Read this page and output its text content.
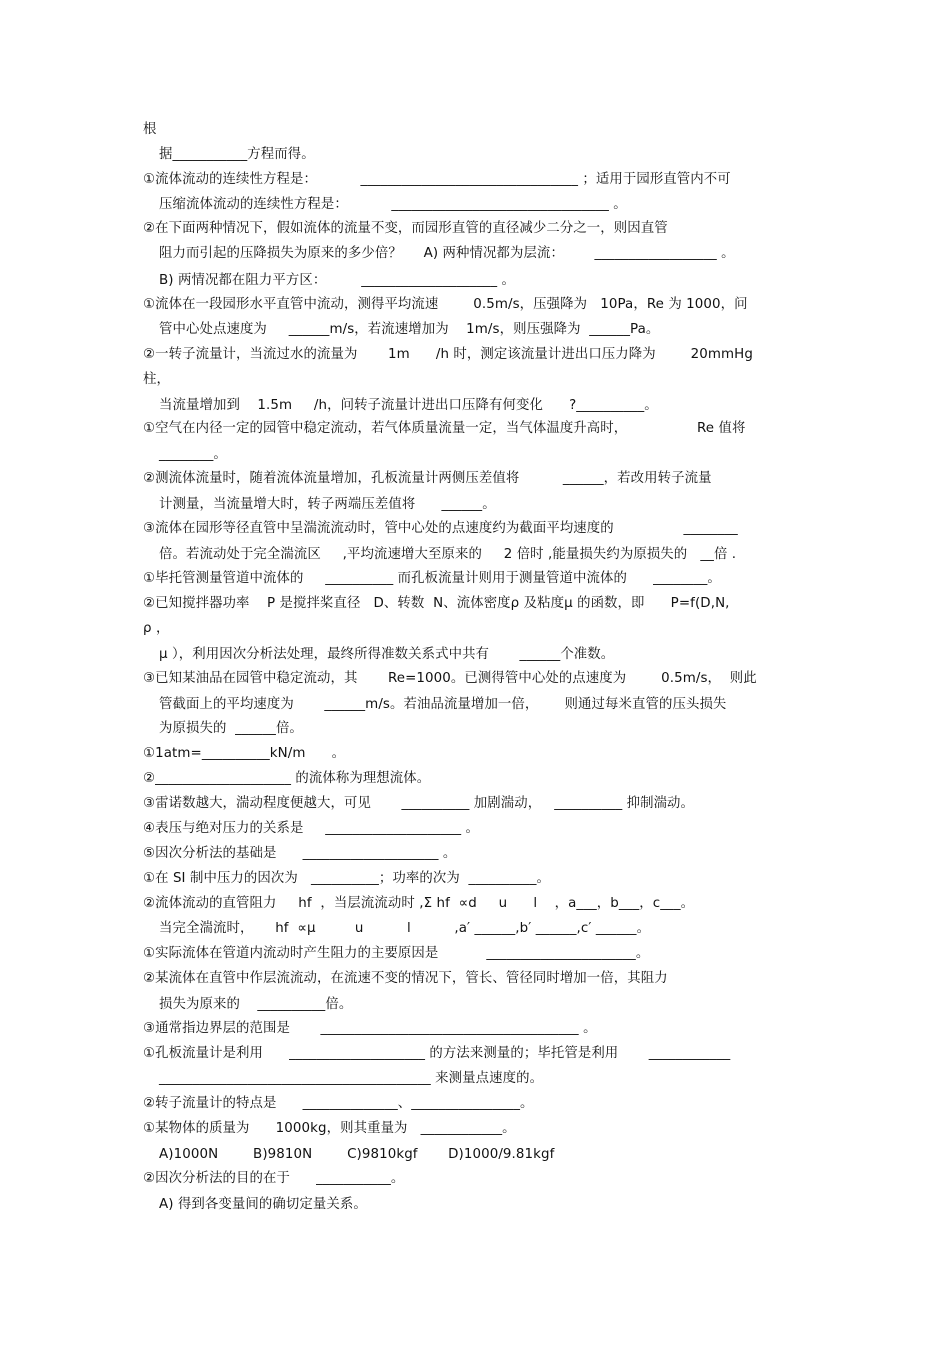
根
据___________方程而得。
①流体流动的连续性方程是：          ________________________________ ；适用于园形直管内不可
压缩流体流动的连续性方程是：          ________________________________ 。
②在下面两种情况下，假如流体的流量不变，而园形直管的直径减少二分之一，则因直管
阻力而引起的压降损失为原来的多少倍？     A) 两种情况都为层流：       __________________ 。
B) 两情况都在阻力平方区：        ____________________ 。
①流体在一段园形水平直管中流动，测得平均流速        0.5m/s，压强降为   10Pa，Re 为 1000，问
管中心处点速度为     ______m/s，若流速增加为    1m/s，则压强降为  ______Pa。
②一转子流量计，当流过水的流量为       1m      /h 时，测定该流量计进出口压力降为        20mmHg
柱，
当流量增加到    1.5m     /h，问转子流量计进出口压降有何变化      ?__________。
①空气在内径一定的园管中稳定流动，若气体质量流量一定，当气体温度升高时，                Re 值将
________。
②测流体流量时，随着流体流量增加，孔板流量计两侧压差值将          ______，若改用转子流量
计测量，当流量增大时，转子两端压差值将      ______。
③流体在园形等径直管中呈湍流流动时，管中心处的点速度约为截面平均速度的                ________
倍。若流动处于完全湍流区     ,平均流速增大至原来的     2 倍时 ,能量损失约为原损失的   __倍 .
①毕托管测量管道中流体的     __________ 而孔板流量计则用于测量管道中流体的      ________。
②已知搅拌器功率    P 是搅拌桨直径   D、转数  N、流体密度ρ 及粘度μ 的函数，即      P=f(D,N,
ρ ，
μ ），利用因次分析法处理，最终所得准数关系式中共有       ______个准数。
③已知某油品在园管中稳定流动，其       Re=1000。已测得管中心处的点速度为        0.5m/s，  则此
管截面上的平均速度为       ______m/s。若油品流量增加一倍，      则通过每米直管的压头损失
为原损失的  ______倍。
①1atm=__________kN/m      。
②____________________ 的流体称为理想流体。
③雷诺数越大，湍动程度便越大，可见       __________ 加剧湍动，   __________ 抑制湍动。
④表压与绝对压力的关系是     ____________________ 。
⑤因次分析法的基础是      ____________________ 。
①在 SI 制中压力的因次为   __________；功率的次为  __________。
②流体流动的直管阻力     hf  ，当层流流动时 ,Σ hf  ∝d     u      l    ，a___，b___，c___。
当完全湍流时，     hf  ∝μ         u          l          ,a′ ______,b′ ______,c′ ______。
①实际流体在管道内流动时产生阻力的主要原因是           ______________________。
②某流体在直管中作层流流动，在流速不变的情况下，管长、管径同时增加一倍，其阻力
损失为原来的    __________倍。
③通常指边界层的范围是       ______________________________________ 。
①孔板流量计是利用      ____________________ 的方法来测量的；毕托管是利用       ____________
________________________________________ 来测量点速度的。
②转子流量计的特点是      ______________、________________。
①某物体的质量为      1000kg，则其重量为   ____________。
A)1000N        B)9810N        C)9810kgf       D)1000/9.81kgf
②因次分析法的目的在于      ___________。
A) 得到各变量间的确切定量关系。
